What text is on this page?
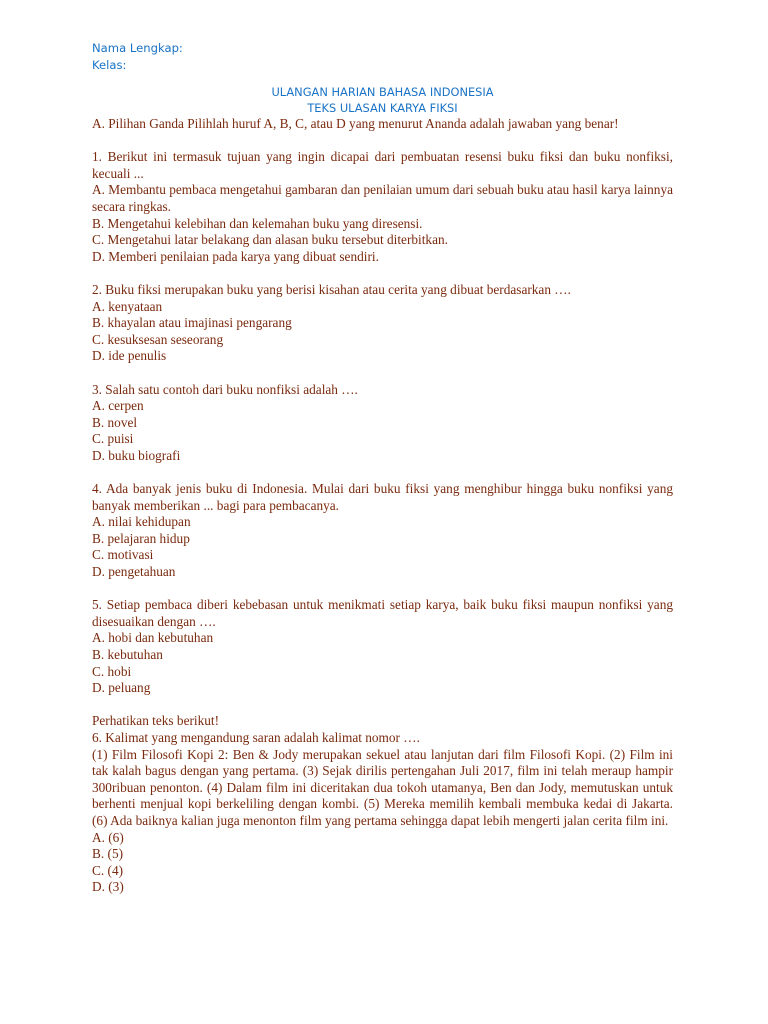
Nama Lengkap:
Kelas:
ULANGAN HARIAN BAHASA INDONESIA
TEKS ULASAN KARYA FIKSI
A. Pilihan Ganda Pilihlah huruf A, B, C, atau D yang menurut Ananda adalah jawaban yang benar!
1. Berikut ini termasuk tujuan yang ingin dicapai dari pembuatan resensi buku fiksi dan buku nonfiksi, kecuali ...
A. Membantu pembaca mengetahui gambaran dan penilaian umum dari sebuah buku atau hasil karya lainnya secara ringkas.
B. Mengetahui kelebihan dan kelemahan buku yang diresensi.
C. Mengetahui latar belakang dan alasan buku tersebut diterbitkan.
D. Memberi penilaian pada karya yang dibuat sendiri.
2. Buku fiksi merupakan buku yang berisi kisahan atau cerita yang dibuat berdasarkan ….
A. kenyataan
B. khayalan atau imajinasi pengarang
C. kesuksesan seseorang
D. ide penulis
3. Salah satu contoh dari buku nonfiksi adalah ….
A. cerpen
B. novel
C. puisi
D. buku biografi
4. Ada banyak jenis buku di Indonesia. Mulai dari buku fiksi yang menghibur hingga buku nonfiksi yang banyak memberikan ... bagi para pembacanya.
A. nilai kehidupan
B. pelajaran hidup
C. motivasi
D. pengetahuan
5. Setiap pembaca diberi kebebasan untuk menikmati setiap karya, baik buku fiksi maupun nonfiksi yang disesuaikan dengan ….
A. hobi dan kebutuhan
B. kebutuhan
C. hobi
D. peluang
Perhatikan teks berikut!
6. Kalimat yang mengandung saran adalah kalimat nomor ….
(1) Film Filosofi Kopi 2: Ben & Jody merupakan sekuel atau lanjutan dari film Filosofi Kopi. (2) Film ini tak kalah bagus dengan yang pertama. (3) Sejak dirilis pertengahan Juli 2017, film ini telah meraup hampir 300ribuan penonton. (4) Dalam film ini diceritakan dua tokoh utamanya, Ben dan Jody, memutuskan untuk berhenti menjual kopi berkeliling dengan kombi. (5) Mereka memilih kembali membuka kedai di Jakarta. (6) Ada baiknya kalian juga menonton film yang pertama sehingga dapat lebih mengerti jalan cerita film ini.
A. (6)
B. (5)
C. (4)
D. (3)
